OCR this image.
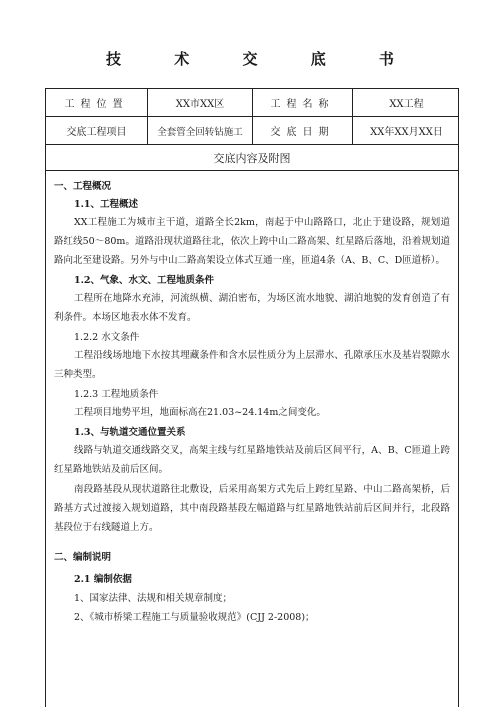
技 术 交 底 书
工程位置	XX市XX区	工程名称	XX工程
交底工程项目	全套管全回转钻施工	交底日期	XX年XX月XX日
交底内容及附图
一、工程概况
1.1、工程概述
XX工程施工为城市主干道，道路全长2km，南起于中山路路口，北止于建设路，规划道路红线50～80m。道路沿现状道路往北，依次上跨中山二路高架、红星路后落地，沿着规划道路向北至建设路。另外与中山二路高架设立体式互通一座，匝道4条（A、B、C、D匝道桥）。
1.2、气象、水文、工程地质条件
工程所在地降水充沛，河流纵横、湖泊密布，为场区流水地貌、湖泊地貌的发育创造了有利条件。本场区地表水体不发育。
1.2.2 水文条件
工程沿线场地地下水按其埋藏条件和含水层性质分为上层滞水、孔隙承压水及基岩裂隙水三种类型。
1.2.3 工程地质条件
工程项目地势平坦，地面标高在21.03~24.14m之间变化。
1.3、与轨道交通位置关系
线路与轨道交通线路交叉，高架主线与红星路地铁站及前后区间平行，A、B、C匝道上跨红星路地铁站及前后区间。
南段路基段从现状道路往北敷设，后采用高架方式先后上跨红星路、中山二路高架桥，后路基方式过渡接入规划道路，其中南段路基段左幅道路与红星路地铁站前后区间并行，北段路基段位于右线隧道上方。
二、编制说明
2.1 编制依据
1、国家法律、法规和相关规章制度；
2、《城市桥梁工程施工与质量验收规范》(CJJ 2-2008)；
